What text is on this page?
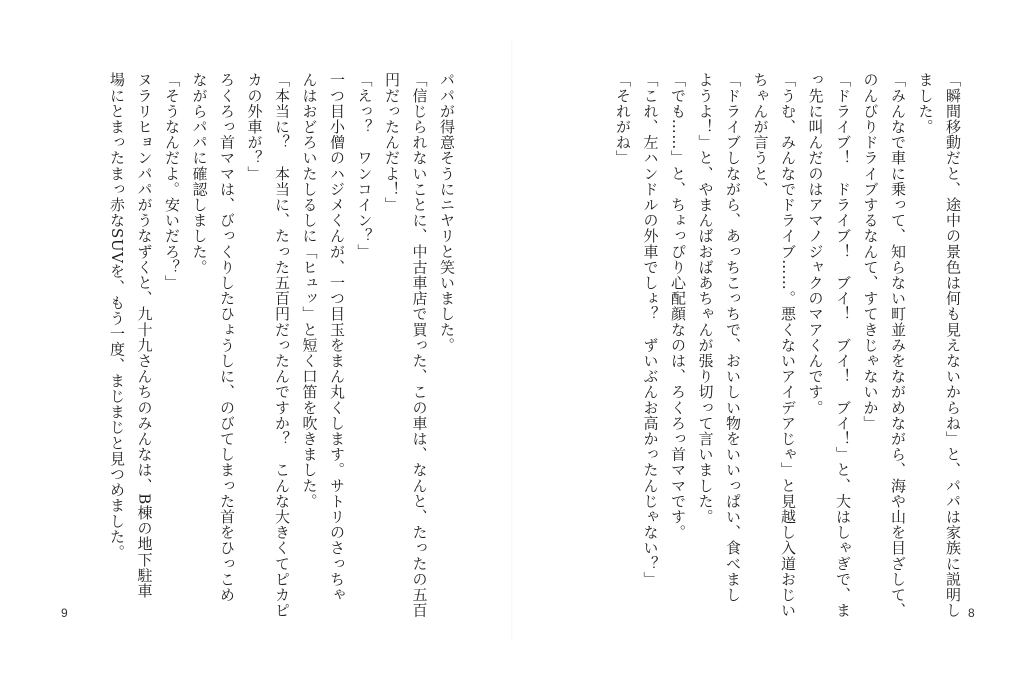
パパが得意そうにニヤリと笑いました。
「信じられないことに、中古車店で買った、この車は、なんと、たったの五百
円だったんだよ！」
「えっ？　ワンコイン？」
一つ目小僧のハジメくんが、一つ目玉をまん丸くします。サトリのさっちゃ
んはおどろいたしるしに「ヒュッ」と短く口笛を吹きました。
「本当に？　本当に、たった五百円だったんですか？　こんな大きくてピカピ
カの外車が？」
ろくろっ首ママは、びっくりしたひょうしに、のびてしまった首をひっこめ
ながらパパに確認しました。
「そうなんだよ。安いだろ？」
ヌラリヒョンパパがうなずくと、九十九さんちのみんなは、B棟の地下駐車
場にとまったまっ赤なSUVを、もう一度、まじまじと見つめました。
9	「瞬間移動だと、途中の景色は何も見えないからね」と、パパは家族に説明し
ました。
「みんなで車に乗って、知らない町並みをながめながら、海や山を目ざして、
のんびりドライブするなんて、すてきじゃないか」
「ドライブ！　ドライブ！　ブイ！　ブイ！　ブイ！」と、大はしゃぎで、ま
っ先に叫んだのはアマノジャクのマアくんです。
「うむ、みんなでドライブ……。悪くないアイデアじゃ」と見越し入道おじい
ちゃんが言うと、
「ドライブしながら、あっちこっちで、おいしい物をいいっぱい、食べまし
ようよ！」と、やまんばおばあちゃんが張り切って言いました。
「でも……」と、ちょっぴり心配顔なのは、ろくろっ首ママです。
「これ、左ハンドルの外車でしょ？　ずいぶんお高かったんじゃない？」
「それがね」
8
